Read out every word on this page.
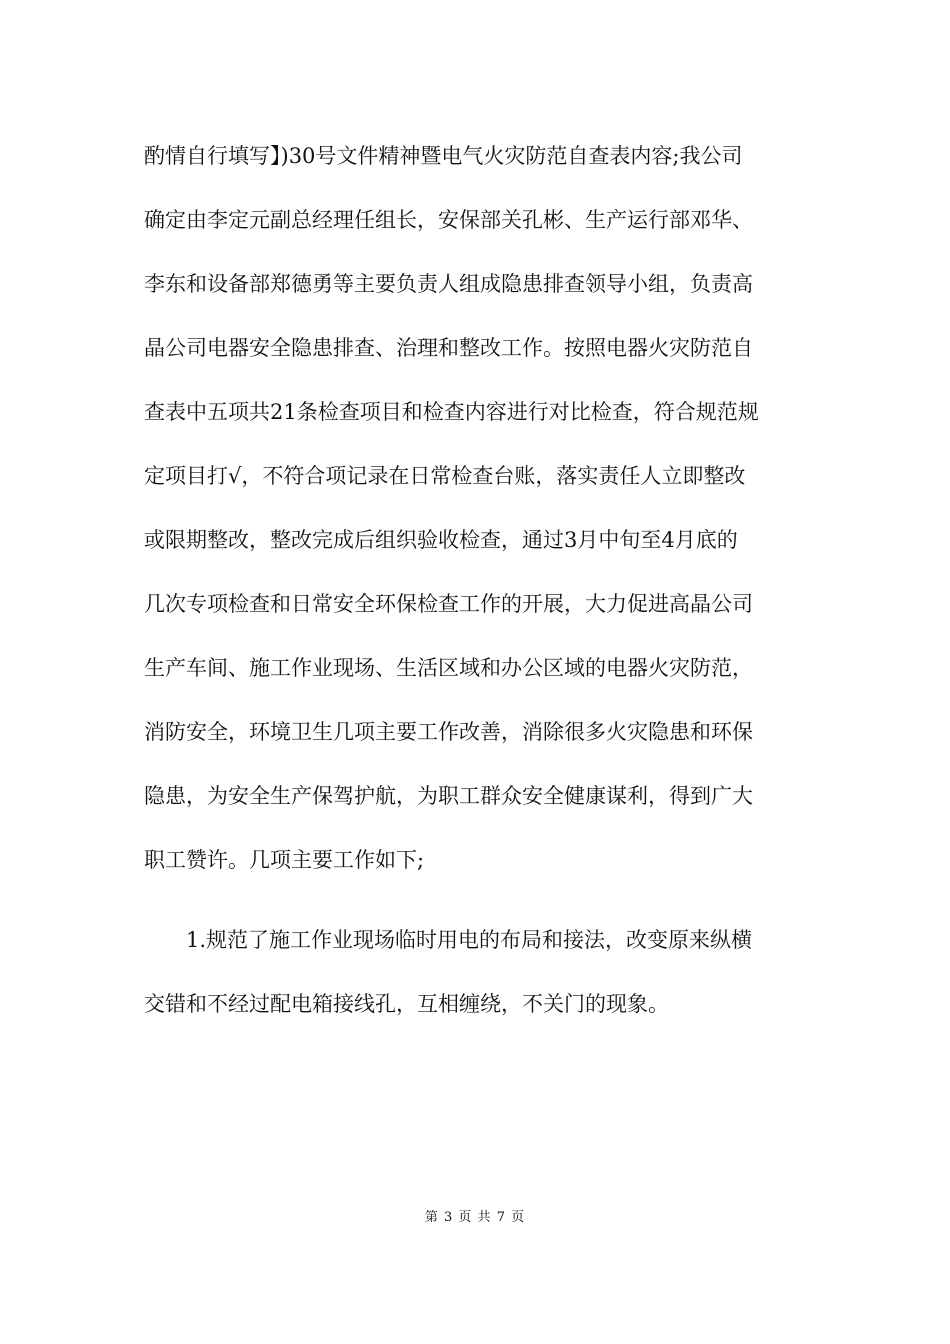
酌情自行填写】)30号文件精神暨电气火灾防范自查表内容;我公司
确定由李定元副总经理任组长，安保部关孔彬、生产运行部邓华、
李东和设备部郑德勇等主要负责人组成隐患排查领导小组，负责高
晶公司电器安全隐患排查、治理和整改工作。按照电器火灾防范自
查表中五项共21条检查项目和检查内容进行对比检查，符合规范规
定项目打√，不符合项记录在日常检查台账，落实责任人立即整改
或限期整改，整改完成后组织验收检查，通过3月中旬至4月底的
几次专项检查和日常安全环保检查工作的开展，大力促进高晶公司
生产车间、施工作业现场、生活区域和办公区域的电器火灾防范，
消防安全，环境卫生几项主要工作改善，消除很多火灾隐患和环保
隐患，为安全生产保驾护航，为职工群众安全健康谋利，得到广大
职工赞许。几项主要工作如下;
1.规范了施工作业现场临时用电的布局和接法，改变原来纵横
交错和不经过配电箱接线孔，互相缠绕，不关门的现象。
第 3 页 共 7 页
